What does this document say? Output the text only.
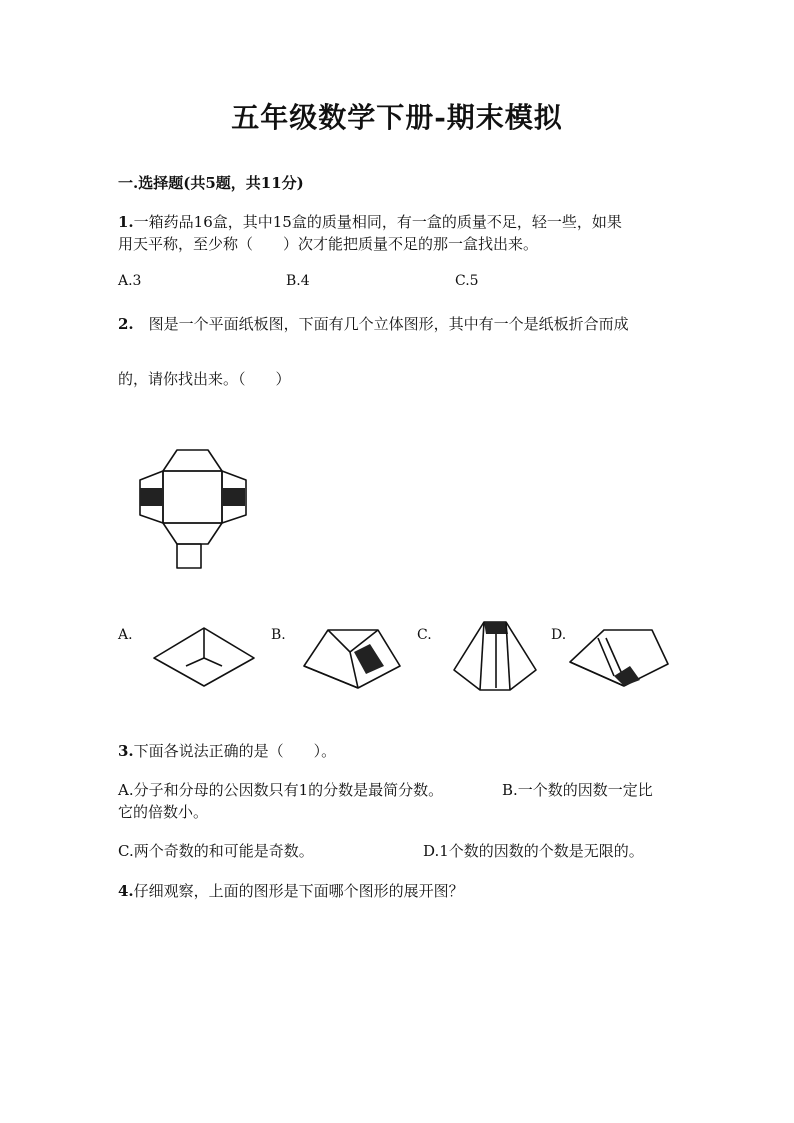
五年级数学下册-期末模拟
一.选择题(共5题，共11分)
1.一箱药品16盒，其中15盒的质量相同，有一盒的质量不足，轻一些，如果
用天平称，至少称（　　）次才能把质量不足的那一盒找出来。
A.3	B.4	C.5
2.　图是一个平面纸板图，下面有几个立体图形，其中有一个是纸板折合而成
的，请你找出来。（　　）
A.	B.	C.	D.
3.下面各说法正确的是（　　）。
A.分子和分母的公因数只有1的分数是最简分数。	B.一个数的因数一定比
它的倍数小。
C.两个奇数的和可能是奇数。	D.1个数的因数的个数是无限的。
4.仔细观察，上面的图形是下面哪个图形的展开图？
